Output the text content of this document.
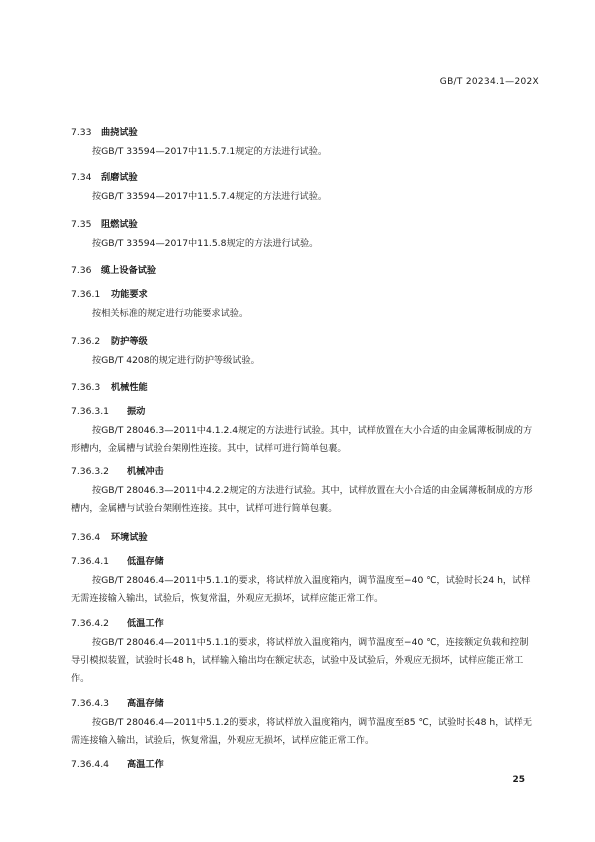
GB/T 20234.1—202X
7.33 曲挠试验
按GB/T 33594—2017中11.5.7.1规定的方法进行试验。
7.34 刮磨试验
按GB/T 33594—2017中11.5.7.4规定的方法进行试验。
7.35 阻燃试验
按GB/T 33594—2017中11.5.8规定的方法进行试验。
7.36 缆上设备试验
7.36.1 功能要求
按相关标准的规定进行功能要求试验。
7.36.2 防护等级
按GB/T 4208的规定进行防护等级试验。
7.36.3 机械性能
7.36.3.1 振动
按GB/T 28046.3—2011中4.1.2.4规定的方法进行试验。其中，试样放置在大小合适的由金属薄板制成的方形槽内，金属槽与试验台架刚性连接。其中，试样可进行简单包裹。
7.36.3.2 机械冲击
按GB/T 28046.3—2011中4.2.2规定的方法进行试验。其中，试样放置在大小合适的由金属薄板制成的方形槽内，金属槽与试验台架刚性连接。其中，试样可进行简单包裹。
7.36.4 环境试验
7.36.4.1 低温存储
按GB/T 28046.4—2011中5.1.1的要求，将试样放入温度箱内，调节温度至−40 ℃，试验时长24 h，试样无需连接输入输出，试验后，恢复常温，外观应无损坏，试样应能正常工作。
7.36.4.2 低温工作
按GB/T 28046.4—2011中5.1.1的要求，将试样放入温度箱内，调节温度至−40 ℃，连接额定负载和控制导引模拟装置，试验时长48 h，试样输入输出均在额定状态，试验中及试验后，外观应无损坏，试样应能正常工作。
7.36.4.3 高温存储
按GB/T 28046.4—2011中5.1.2的要求，将试样放入温度箱内，调节温度至85 ℃，试验时长48 h，试样无需连接输入输出，试验后，恢复常温，外观应无损坏，试样应能正常工作。
7.36.4.4 高温工作
25
